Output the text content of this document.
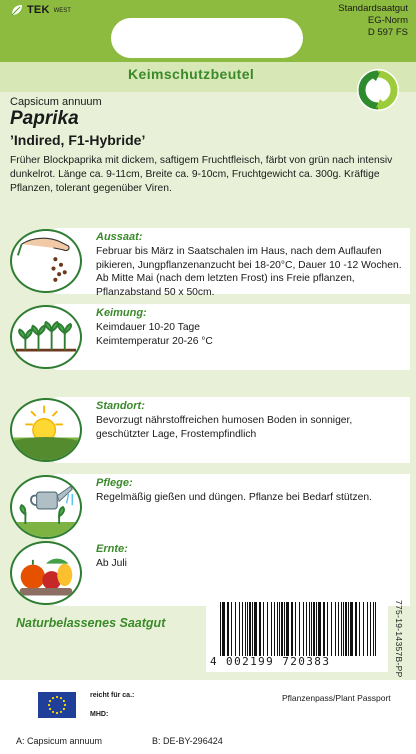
TEK WEST	Standardsaatgut
EG-Norm
D 597 FS
Keimschutzbeutel
Capsicum annuum
Paprika
’Indired, F1-Hybride’
Früher Blockpaprika mit dickem, saftigem Fruchtfleisch, färbt von grün nach intensiv dunkelrot. Länge ca. 9-11cm, Breite ca. 9-10cm, Fruchtgewicht ca. 300g. Kräftige Pflanzen, tolerant gegenüber Viren.
Aussaat:
Februar bis März in Saatschalen im Haus, nach dem Auflaufen pikieren, Jungpflanzenanzucht bei 18-20°C, Dauer 10 -12 Wochen. Ab Mitte Mai (nach dem letzten Frost) ins Freie pflanzen, Pflanzabstand 50 x 50cm.
Keimung:
Keimdauer 10-20 Tage
Keimtemperatur 20-26 °C
Standort:
Bevorzugt nährstoffreichen humosen Boden in sonniger, geschützter Lage, Frostempfindlich
Pflege:
Regelmäßig gießen und düngen. Pflanze bei Bedarf stützen.
Ernte:
Ab Juli
Naturbelassenes Saatgut
4 002199 720383	775-19-14357B-PP
reicht für ca.:
MHD:
Pflanzenpass/Plant Passport
A: Capsicum annuum	B: DE-BY-296424
